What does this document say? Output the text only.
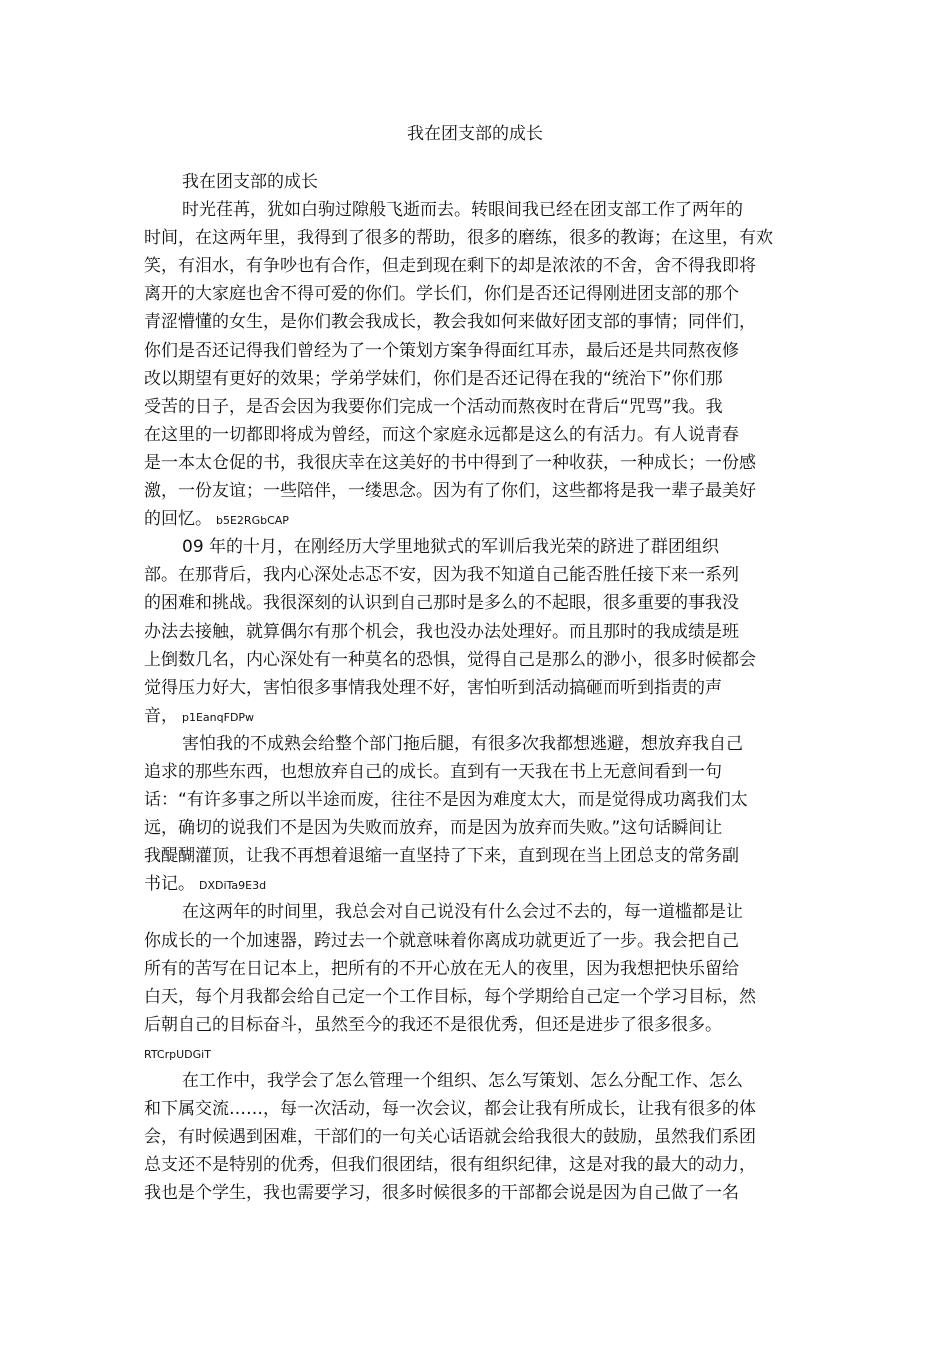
我在团支部的成长
我在团支部的成长
时光荏苒，犹如白驹过隙般飞逝而去。转眼间我已经在团支部工作了两年的
时间，在这两年里，我得到了很多的帮助，很多的磨练，很多的教诲；在这里，有欢
笑，有泪水，有争吵也有合作，但走到现在剩下的却是浓浓的不舍，舍不得我即将
离开的大家庭也舍不得可爱的你们。学长们，你们是否还记得刚进团支部的那个
青涩懵懂的女生，是你们教会我成长，教会我如何来做好团支部的事情；同伴们，
你们是否还记得我们曾经为了一个策划方案争得面红耳赤，最后还是共同熬夜修
改以期望有更好的效果；学弟学妹们，你们是否还记得在我的“统治下”你们那
受苦的日子，是否会因为我要你们完成一个活动而熬夜时在背后“咒骂”我。我
在这里的一切都即将成为曾经，而这个家庭永远都是这么的有活力。有人说青春
是一本太仓促的书，我很庆幸在这美好的书中得到了一种收获，一种成长；一份感
激，一份友谊；一些陪伴，一缕思念。因为有了你们，这些都将是我一辈子最美好
的回忆。 b5E2RGbCAP
09 年的十月，在刚经历大学里地狱式的军训后我光荣的跻进了群团组织
部。在那背后，我内心深处忐忑不安，因为我不知道自己能否胜任接下来一系列
的困难和挑战。我很深刻的认识到自己那时是多么的不起眼，很多重要的事我没
办法去接触，就算偶尔有那个机会，我也没办法处理好。而且那时的我成绩是班
上倒数几名，内心深处有一种莫名的恐惧，觉得自己是那么的渺小，很多时候都会
觉得压力好大，害怕很多事情我处理不好，害怕听到活动搞砸而听到指责的声
音， p1EanqFDPw
害怕我的不成熟会给整个部门拖后腿，有很多次我都想逃避，想放弃我自己
追求的那些东西，也想放弃自己的成长。直到有一天我在书上无意间看到一句
话：“有许多事之所以半途而废，往往不是因为难度太大，而是觉得成功离我们太
远，确切的说我们不是因为失败而放弃，而是因为放弃而失败。”这句话瞬间让
我醍醐灌顶，让我不再想着退缩一直坚持了下来，直到现在当上团总支的常务副
书记。 DXDiTa9E3d
在这两年的时间里，我总会对自己说没有什么会过不去的，每一道槛都是让
你成长的一个加速器，跨过去一个就意味着你离成功就更近了一步。我会把自己
所有的苦写在日记本上，把所有的不开心放在无人的夜里，因为我想把快乐留给
白天，每个月我都会给自己定一个工作目标，每个学期给自己定一个学习目标，然
后朝自己的目标奋斗，虽然至今的我还不是很优秀，但还是进步了很多很多。
RTCrpUDGiT
在工作中，我学会了怎么管理一个组织、怎么写策划、怎么分配工作、怎么
和下属交流……，每一次活动，每一次会议，都会让我有所成长，让我有很多的体
会，有时候遇到困难，干部们的一句关心话语就会给我很大的鼓励，虽然我们系团
总支还不是特别的优秀，但我们很团结，很有组织纪律，这是对我的最大的动力，
我也是个学生，我也需要学习，很多时候很多的干部都会说是因为自己做了一名
